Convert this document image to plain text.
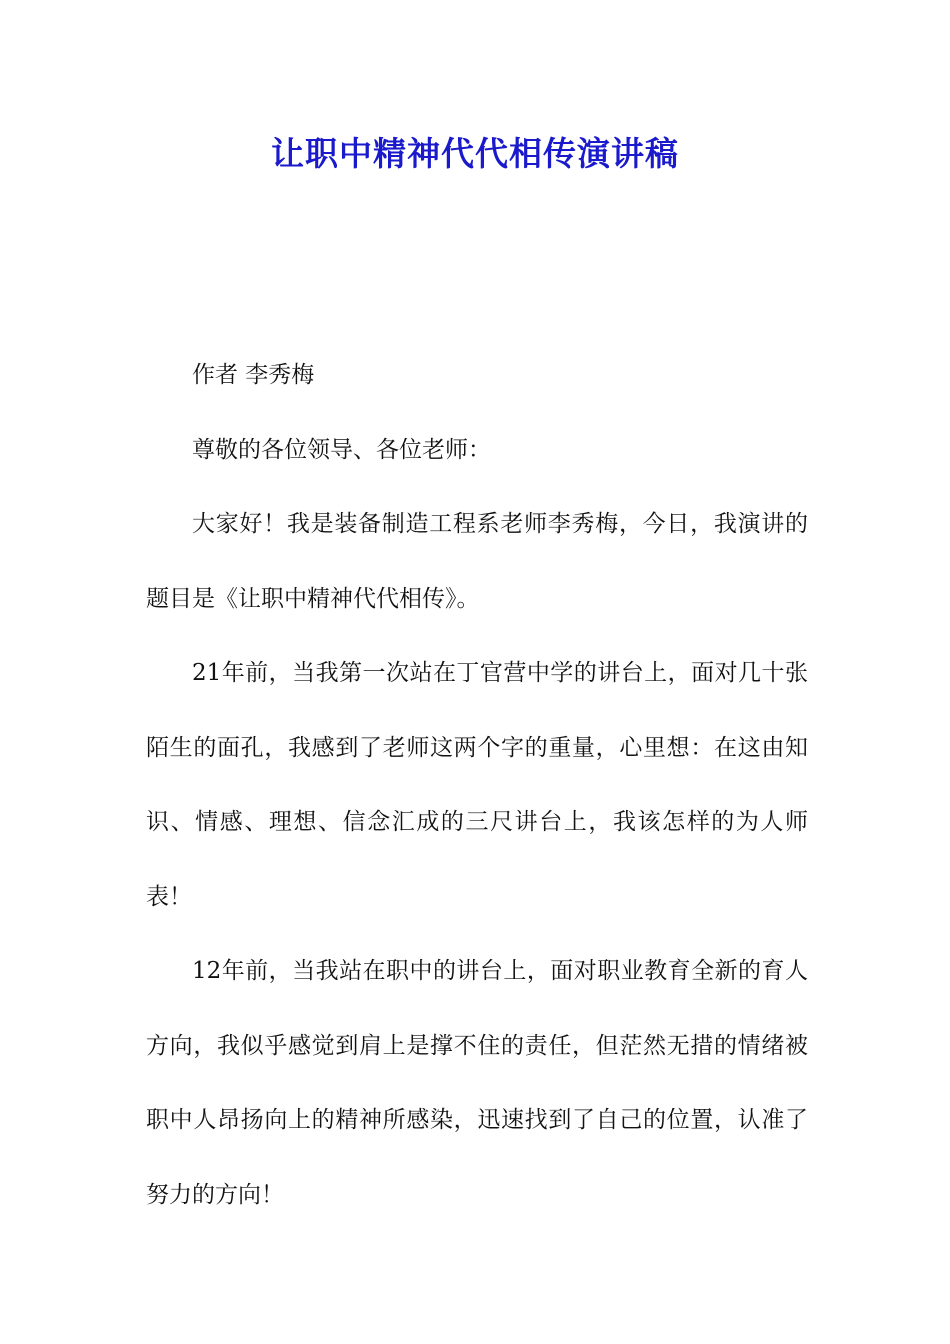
让职中精神代代相传演讲稿

作者 李秀梅

尊敬的各位领导、各位老师：

大家好！我是装备制造工程系老师李秀梅，今日，我演讲的题目是《让职中精神代代相传》。

21年前，当我第一次站在丁官营中学的讲台上，面对几十张陌生的面孔，我感到了老师这两个字的重量，心里想：在这由知识、情感、理想、信念汇成的三尺讲台上，我该怎样的为人师表！

12年前，当我站在职中的讲台上，面对职业教育全新的育人方向，我似乎感觉到肩上是撑不住的责任，但茫然无措的情绪被职中人昂扬向上的精神所感染，迅速找到了自己的位置，认准了努力的方向！
